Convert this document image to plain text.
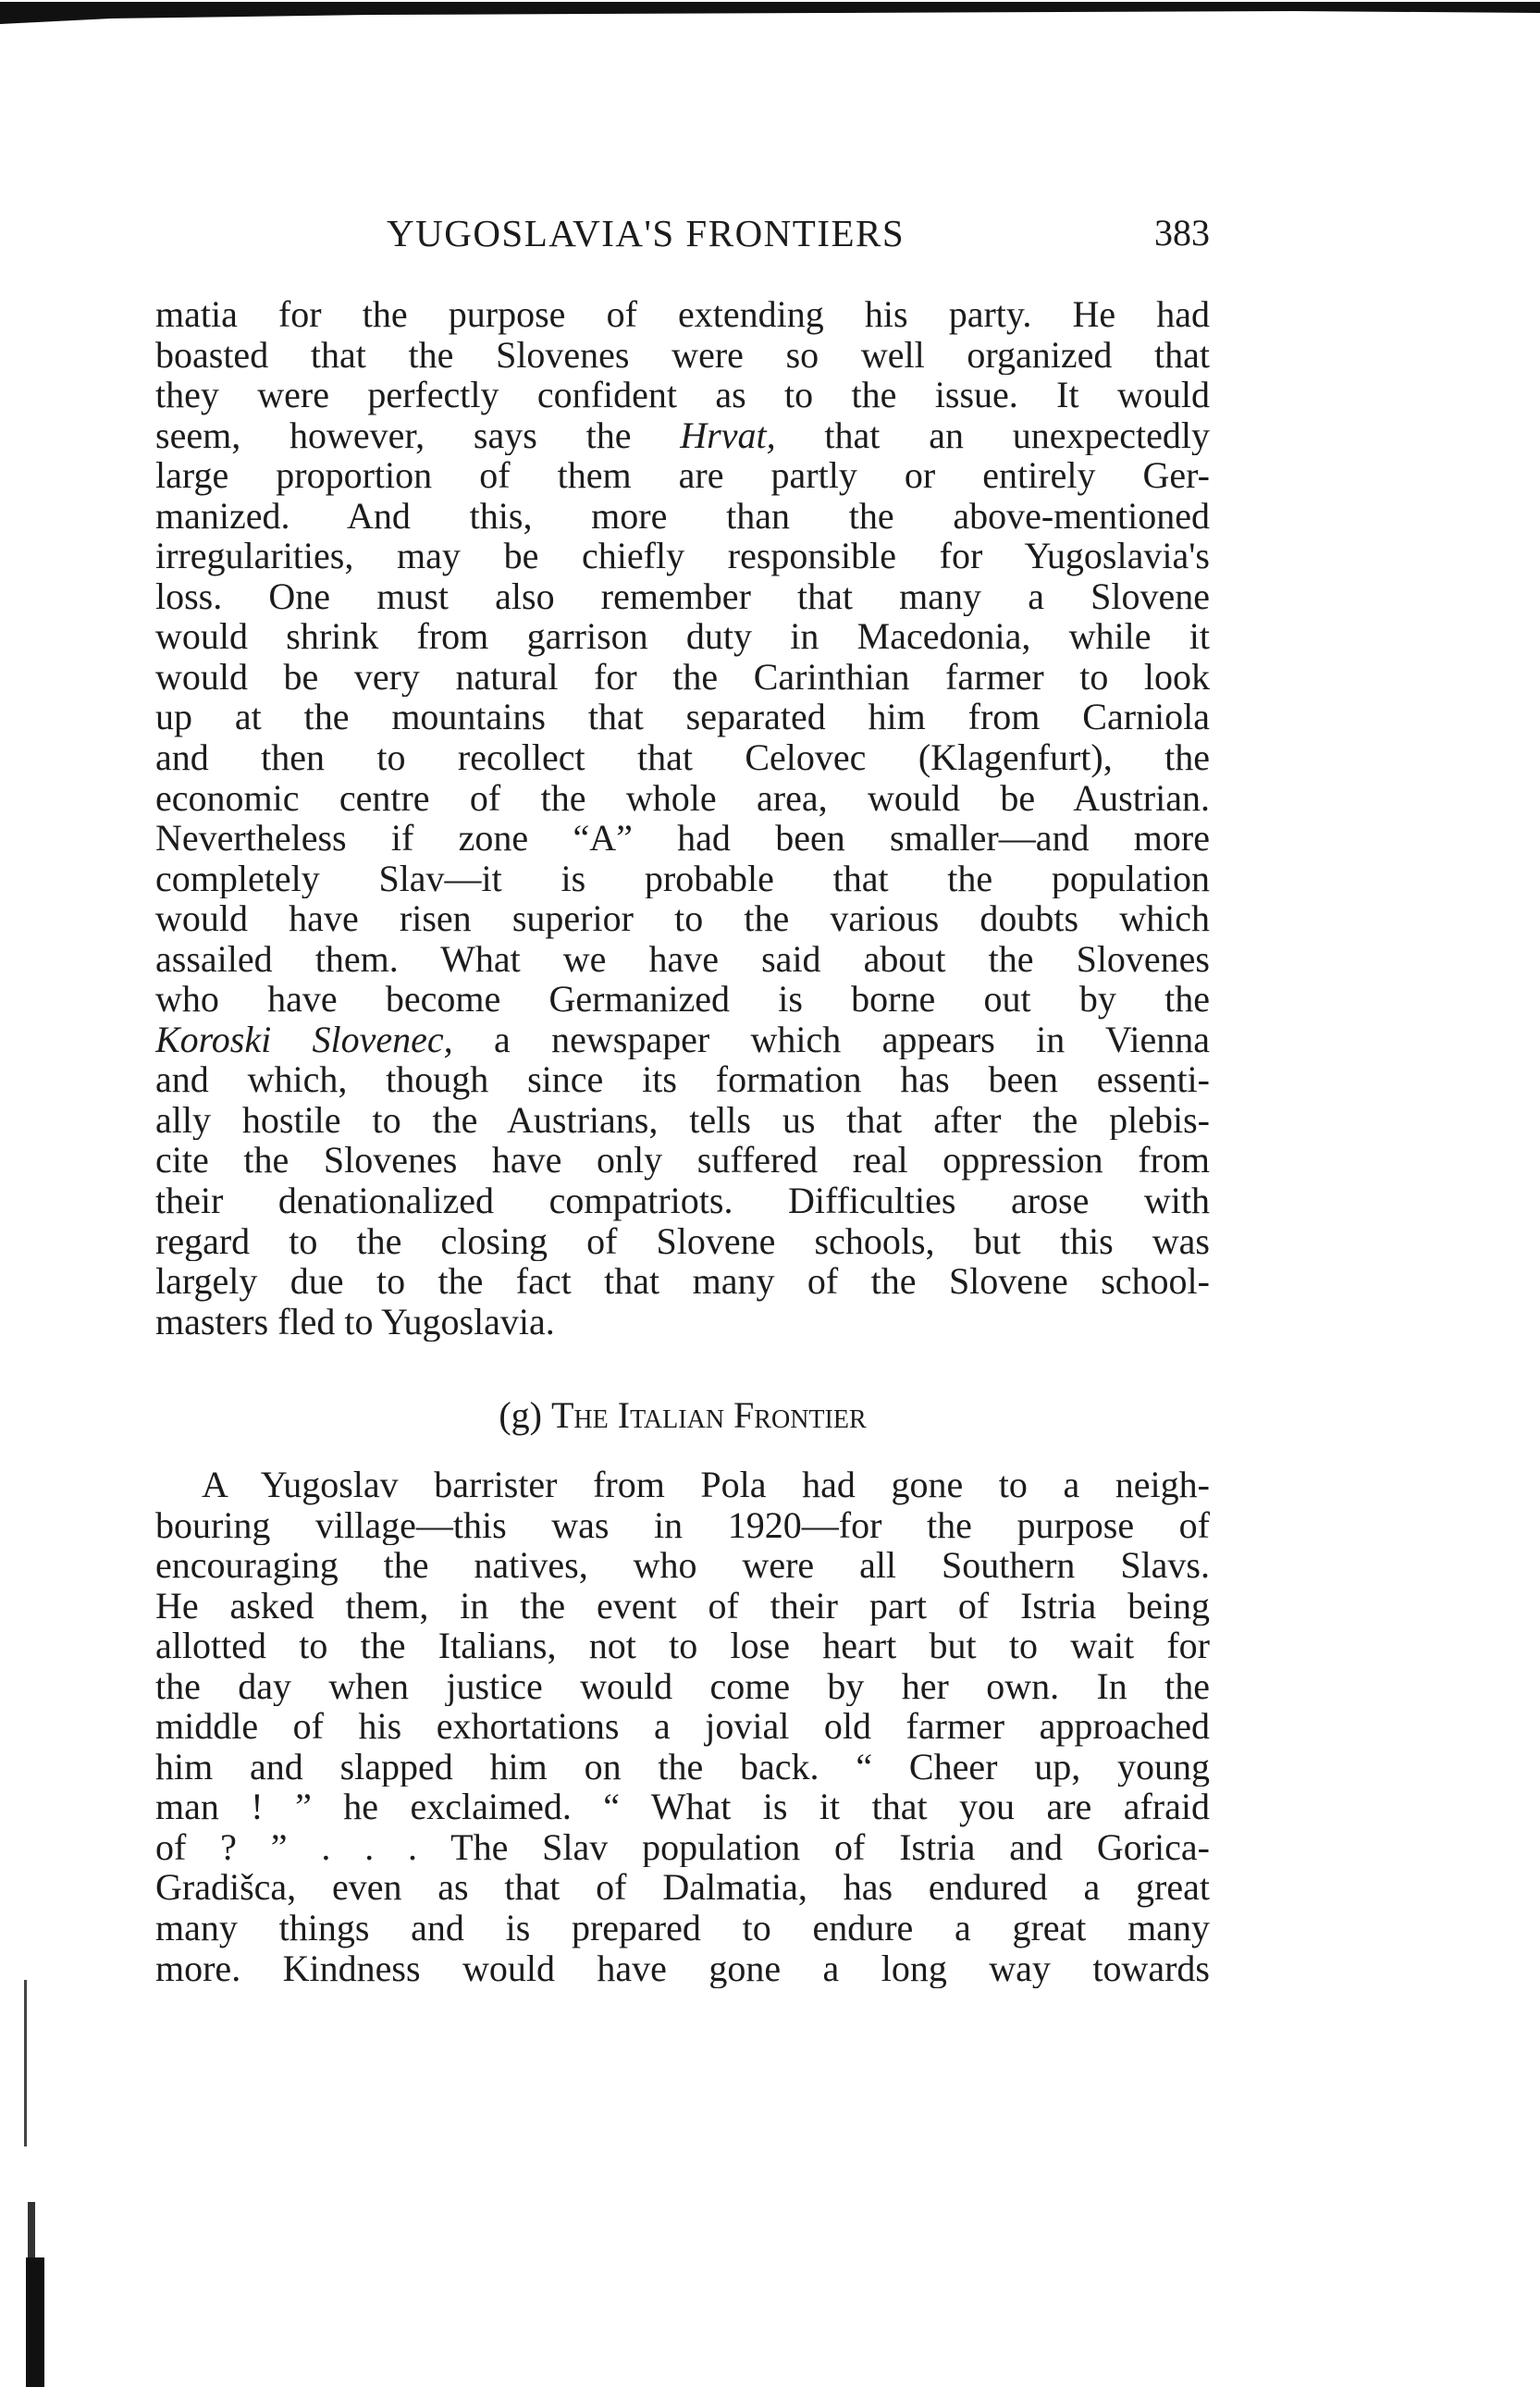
YUGOSLAVIA'S FRONTIERS	383
matia for the purpose of extending his party. He had
boasted that the Slovenes were so well organized that
they were perfectly confident as to the issue. It would
seem, however, says the Hrvat, that an unexpectedly
large proportion of them are partly or entirely Ger-
manized. And this, more than the above-mentioned
irregularities, may be chiefly responsible for Yugoslavia's
loss. One must also remember that many a Slovene
would shrink from garrison duty in Macedonia, while it
would be very natural for the Carinthian farmer to look
up at the mountains that separated him from Carniola
and then to recollect that Celovec (Klagenfurt), the
economic centre of the whole area, would be Austrian.
Nevertheless if zone “A” had been smaller—and more
completely Slav—it is probable that the population
would have risen superior to the various doubts which
assailed them. What we have said about the Slovenes
who have become Germanized is borne out by the
Koroski Slovenec, a newspaper which appears in Vienna
and which, though since its formation has been essenti-
ally hostile to the Austrians, tells us that after the plebis-
cite the Slovenes have only suffered real oppression from
their denationalized compatriots. Difficulties arose with
regard to the closing of Slovene schools, but this was
largely due to the fact that many of the Slovene school-
masters fled to Yugoslavia.
(g) The Italian Frontier
A Yugoslav barrister from Pola had gone to a neigh-
bouring village—this was in 1920—for the purpose of
encouraging the natives, who were all Southern Slavs.
He asked them, in the event of their part of Istria being
allotted to the Italians, not to lose heart but to wait for
the day when justice would come by her own. In the
middle of his exhortations a jovial old farmer approached
him and slapped him on the back. “ Cheer up, young
man ! ” he exclaimed. “ What is it that you are afraid
of ? ” . . . The Slav population of Istria and Gorica-
Gradišca, even as that of Dalmatia, has endured a great
many things and is prepared to endure a great many
more. Kindness would have gone a long way towards
